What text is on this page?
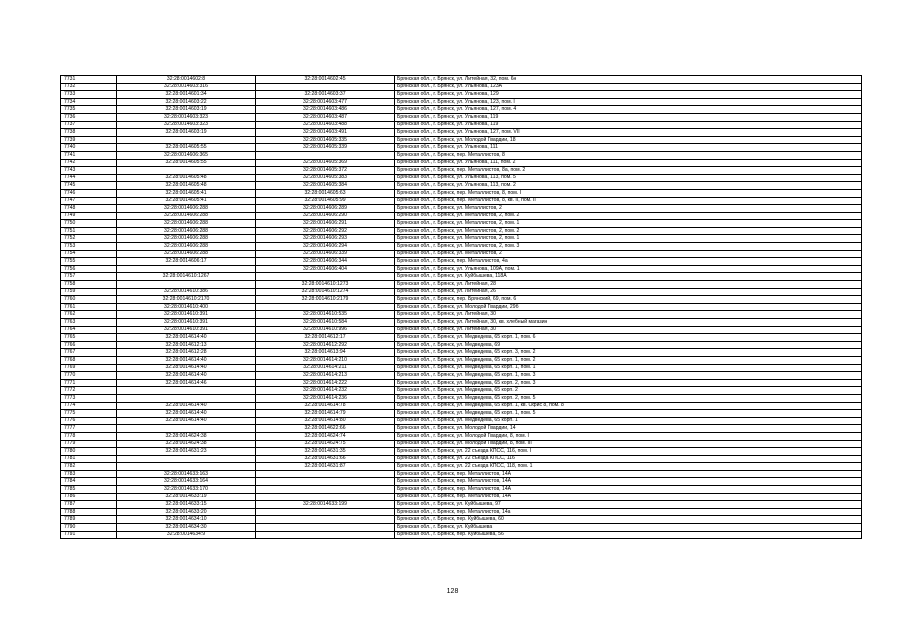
7731	32:28:0014602:8	32:28:0014602:45	Брянская обл., г. Брянск, ул. Литейная, 32, пом. 6н
7732	32:28:0014603:316		Брянская обл., г. Брянск, ул. Ульянова, 123А
7733	32:28:0014601:34	32:28:0014603:37	Брянская обл., г. Брянск, ул. Ульянова, 129
7734	32:28:0014603:22	32:28:0014603:477	Брянская обл., г. Брянск, ул. Ульянова, 123, пом. I
7735	32:28:0014603:19	32:28:0014603:486	Брянская обл., г. Брянск, ул. Ульянова, 127, пом. 4
7736	32:28:0014603:323	32:28:0014603:487	Брянская обл., г. Брянск, ул. Ульянова, 119
7737	32:28:0014603:323	32:28:0014603:488	Брянская обл., г. Брянск, ул. Ульянова, 119
7738	32:28:0014603:19	32:28:0014603:491	Брянская обл., г. Брянск, ул. Ульянова, 127, пом. VII
7739		32:28:0014605:335	Брянская обл., г. Брянск, ул. Молодой Гвардии, 18
7740	32:28:0014605:55	32:28:0014605:339	Брянская обл., г. Брянск, ул. Ульянова, 111
7741	32:28:0014606:365		Брянская обл., г. Брянск, пер. Металлистов, 8
7742	32:28:0014605:55	32:28:0014605:369	Брянская обл., г. Брянск, ул. Ульянова, 111, пом. 2
7743		32:28:0014605:372	Брянская обл., г. Брянск, пер. Металлистов, 8а, пом. 2
7744	32:28:0014605:48	32:28:0014605:383	Брянская обл., г. Брянск, ул. Ульянова, 113, пом. 5
7745	32:28:0014605:48	32:28:0014605:384	Брянская обл., г. Брянск, ул. Ульянова, 113, пом. 2
7746	32:28:0014605:41	32:28:0014605:63	Брянская обл., г. Брянск, пер. Металлистов, 8, пом. I
7747	32:28:0014605:41	32:28:0014605:99	Брянская обл., г. Брянск, пер. Металлистов, 8, кв. II, пом. II
7748	32:28:0014606:288	32:28:0014606:289	Брянская обл., г. Брянск, ул. Металлистов, 2
7749	32:28:0014606:288	32:28:0014606:290	Брянская обл., г. Брянск, ул. Металлистов, 2, пом. 2
7750	32:28:0014606:288	32:28:0014606:291	Брянская обл., г. Брянск, ул. Металлистов, 2, пом. 1
7751	32:28:0014606:288	32:28:0014606:292	Брянская обл., г. Брянск, ул. Металлистов, 2, пом. 2
7752	32:28:0014606:288	32:28:0014606:293	Брянская обл., г. Брянск, ул. Металлистов, 2, пом. 1
7753	32:28:0014606:288	32:28:0014606:294	Брянская обл., г. Брянск, ул. Металлистов, 2, пом. 3
7754	32:28:0014606:288	32:28:0014606:339	Брянская обл., г. Брянск, ул. Металлистов, 2
7755	32:28:0014606:17	32:28:0014606:344	Брянская обл., г. Брянск, пер. Металлистов, 4а
7756		32:28:0014606:404	Брянская обл., г. Брянск, ул. Ульянова, 109А, пом. 1
7757	32:28:0014610:1267		Брянская обл., г. Брянск, ул. Куйбышева, 118А
7758		32:28:0014610:1273	Брянская обл., г. Брянск, ул. Литейная, 28
7759	32:28:0014610:386	32:28:0014610:1274	Брянская обл., г. Брянск, ул. Литейная, 26
7760	32:28:0014610:2170	32:28:0014610:2179	Брянская обл., г. Брянск, пер. Брянский, 69, пом. 6
7761	32:28:0014610:400		Брянская обл., г. Брянск, ул. Молодой Гвардии, 29б
7762	32:28:0014610:391	32:28:0014610:535	Брянская обл., г. Брянск, ул. Литейная, 30
7763	32:28:0014610:391	32:28:0014610:584	Брянская обл., г. Брянск, ул. Литейная, 30, кв. хлебный магазин
7764	32:28:0014610:391	32:28:0014610:996	Брянская обл., г. Брянск, ул. Литейная, 30
7765	32:28:0014614:40	32:28:0014612:17	Брянская обл., г. Брянск, ул. Медведева, 65 корп. 1, пом. 6
7766	32:28:0014612:13	32:28:0014612:292	Брянская обл., г. Брянск, ул. Медведева, 69
7767	32:28:0014612:28	32:28:0014613:94	Брянская обл., г. Брянск, ул. Медведева, 65 корп. 3, пом. 2
7768	32:28:0014614:40	32:28:0014614:210	Брянская обл., г. Брянск, ул. Медведева, 65 корп. 1, пом. 2
7769	32:28:0014614:40	32:28:0014614:211	Брянская обл., г. Брянск, ул. Медведева, 65 корп. 1, пом. 1
7770	32:28:0014614:40	32:28:0014614:213	Брянская обл., г. Брянск, ул. Медведева, 65 корп. 1, пом. 3
7771	32:28:0014614:46	32:28:0014614:222	Брянская обл., г. Брянск, ул. Медведева, 65 корп. 2, пом. 3
7772		32:28:0014614:232	Брянская обл., г. Брянск, ул. Медведева, 65 корп. 2
7773		32:28:0014614:236	Брянская обл., г. Брянск, ул. Медведева, 65 корп. 2, пом. 5
7774	32:28:0014614:40	32:28:0014614:78	Брянская обл., г. Брянск, ул. Медведева, 65 корп. 1, кв. Офис 8, пом. 8
7775	32:28:0014614:40	32:28:0014614:79	Брянская обл., г. Брянск, ул. Медведева, 65 корп. 1, пом. 5
7776	32:28:0014614:40	32:28:0014614:80	Брянская обл., г. Брянск, ул. Медведева, 65 корп. 1
7777		32:28:0014622:66	Брянская обл., г. Брянск, ул. Молодой Гвардии, 14
7778	32:28:0014624:38	32:28:0014624:74	Брянская обл., г. Брянск, ул. Молодой Гвардии, 8, пом. I
7779	32:28:0014624:38	32:28:0014624:75	Брянская обл., г. Брянск, ул. Молодой Гвардии, 8, пом. III
7780	32:28:0014631:23	32:28:0014631:35	Брянская обл., г. Брянск, ул. 22 съезда КПСС, 116, пом. I
7781		32:28:0014631:66	Брянская обл., г. Брянск, ул. 22 съезда КПСС, 116
7782		32:28:0014631:87	Брянская обл., г. Брянск, ул. 22 съезда КПСС, 118, пом. 1
7783	32:28:0014633:163		Брянская обл., г. Брянск, пер. Металлистов, 14А
7784	32:28:0014633:164		Брянская обл., г. Брянск, пер. Металлистов, 14А
7785	32:28:0014633:170		Брянская обл., г. Брянск, пер. Металлистов, 14А
7786	32:28:0014633:19		Брянская обл., г. Брянск, пер. Металлистов, 14А
7787	32:28:0014633:15	32:28:0014633:199	Брянская обл., г. Брянск, ул. Куйбышева, 97
7788	32:28:0014633:20		Брянская обл., г. Брянск, пер. Металлистов, 14а
7789	32:28:0014634:10		Брянская обл., г. Брянск, пер. Куйбышева, 60
7790	32:28:0014634:30		Брянская обл., г. Брянск, ул. Куйбышева
7791	32:28:0014634:9		Брянская обл., г. Брянск, пер. Куйбышева, 56
128
